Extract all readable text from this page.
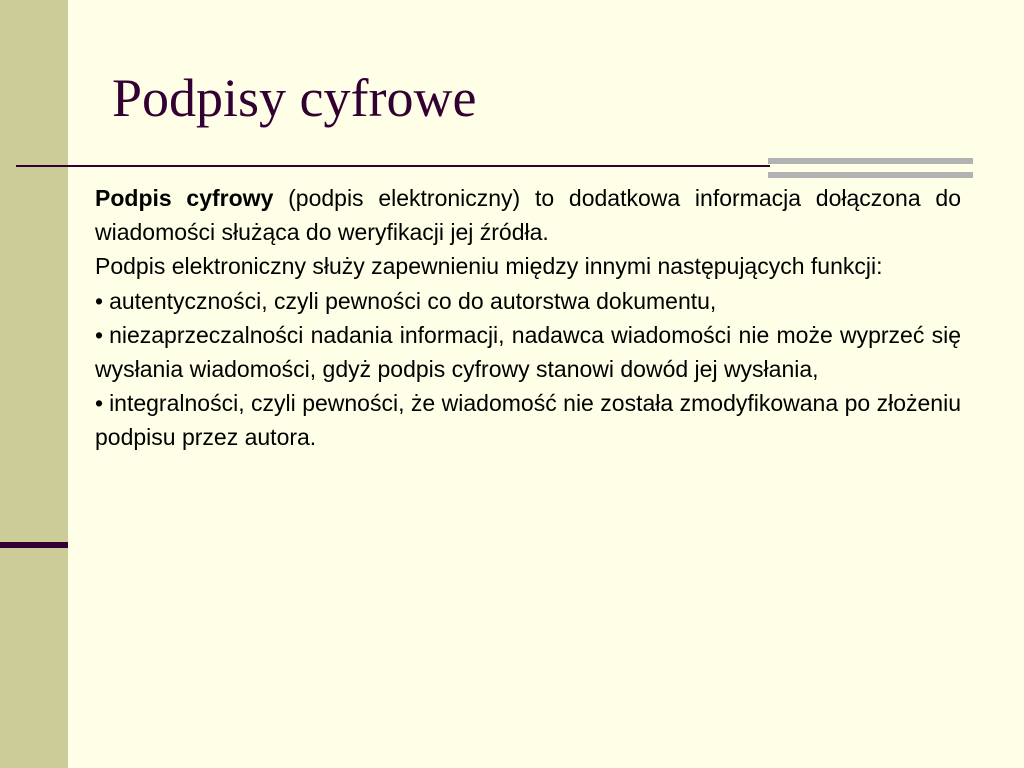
Podpisy cyfrowe

Podpis cyfrowy (podpis elektroniczny) to dodatkowa informacja dołączona do wiadomości służąca do weryfikacji jej źródła.

Podpis elektroniczny służy zapewnieniu między innymi następujących funkcji:

• autentyczności, czyli pewności co do autorstwa dokumentu,

• niezaprzeczalności nadania informacji, nadawca wiadomości nie może wyprzeć się wysłania wiadomości, gdyż podpis cyfrowy stanowi dowód jej wysłania,

• integralności, czyli pewności, że wiadomość nie została zmodyfikowana po złożeniu podpisu przez autora.
